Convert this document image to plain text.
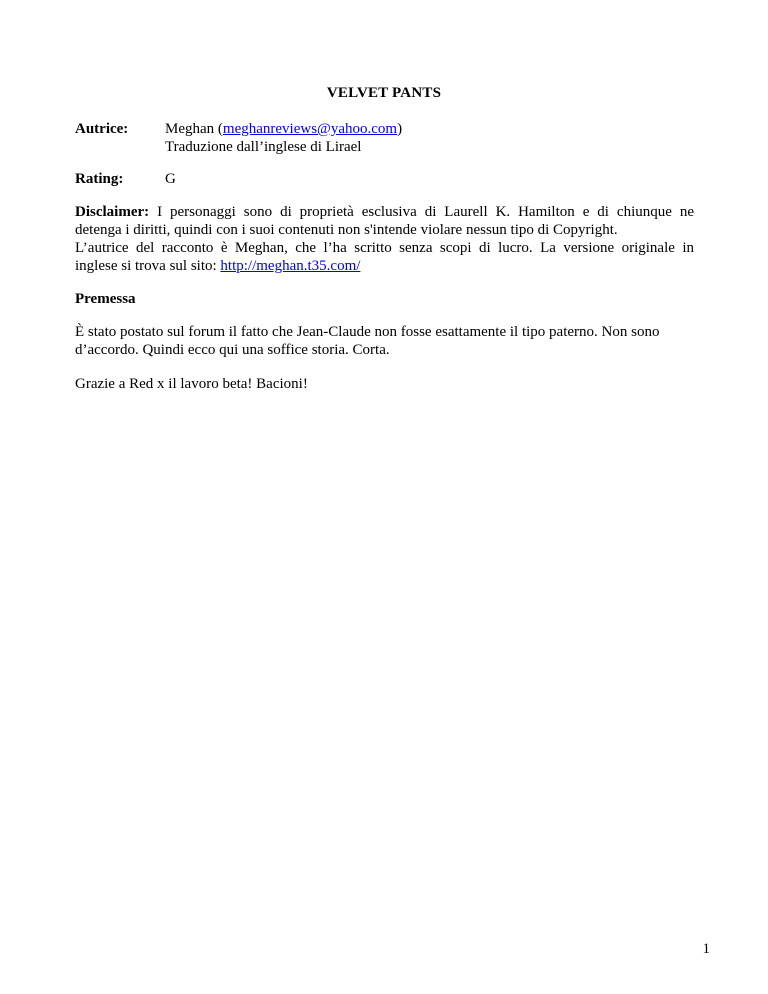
VELVET PANTS
Autrice: Meghan (meghanreviews@yahoo.com)
Traduzione dall’inglese di Lirael
Rating:	G
Disclaimer: I personaggi sono di proprietà esclusiva di Laurell K. Hamilton e di chiunque ne
detenga i diritti, quindi con i suoi contenuti non s'intende violare nessun tipo di Copyright.
L’autrice del racconto è Meghan, che l’ha scritto senza scopi di lucro. La versione originale in
inglese si trova sul sito: http://meghan.t35.com/
Premessa
È stato postato sul forum il fatto che Jean-Claude non fosse esattamente il tipo paterno. Non sono
d’accordo. Quindi ecco qui una soffice storia. Corta.
Grazie a Red x il lavoro beta! Bacioni!
1
